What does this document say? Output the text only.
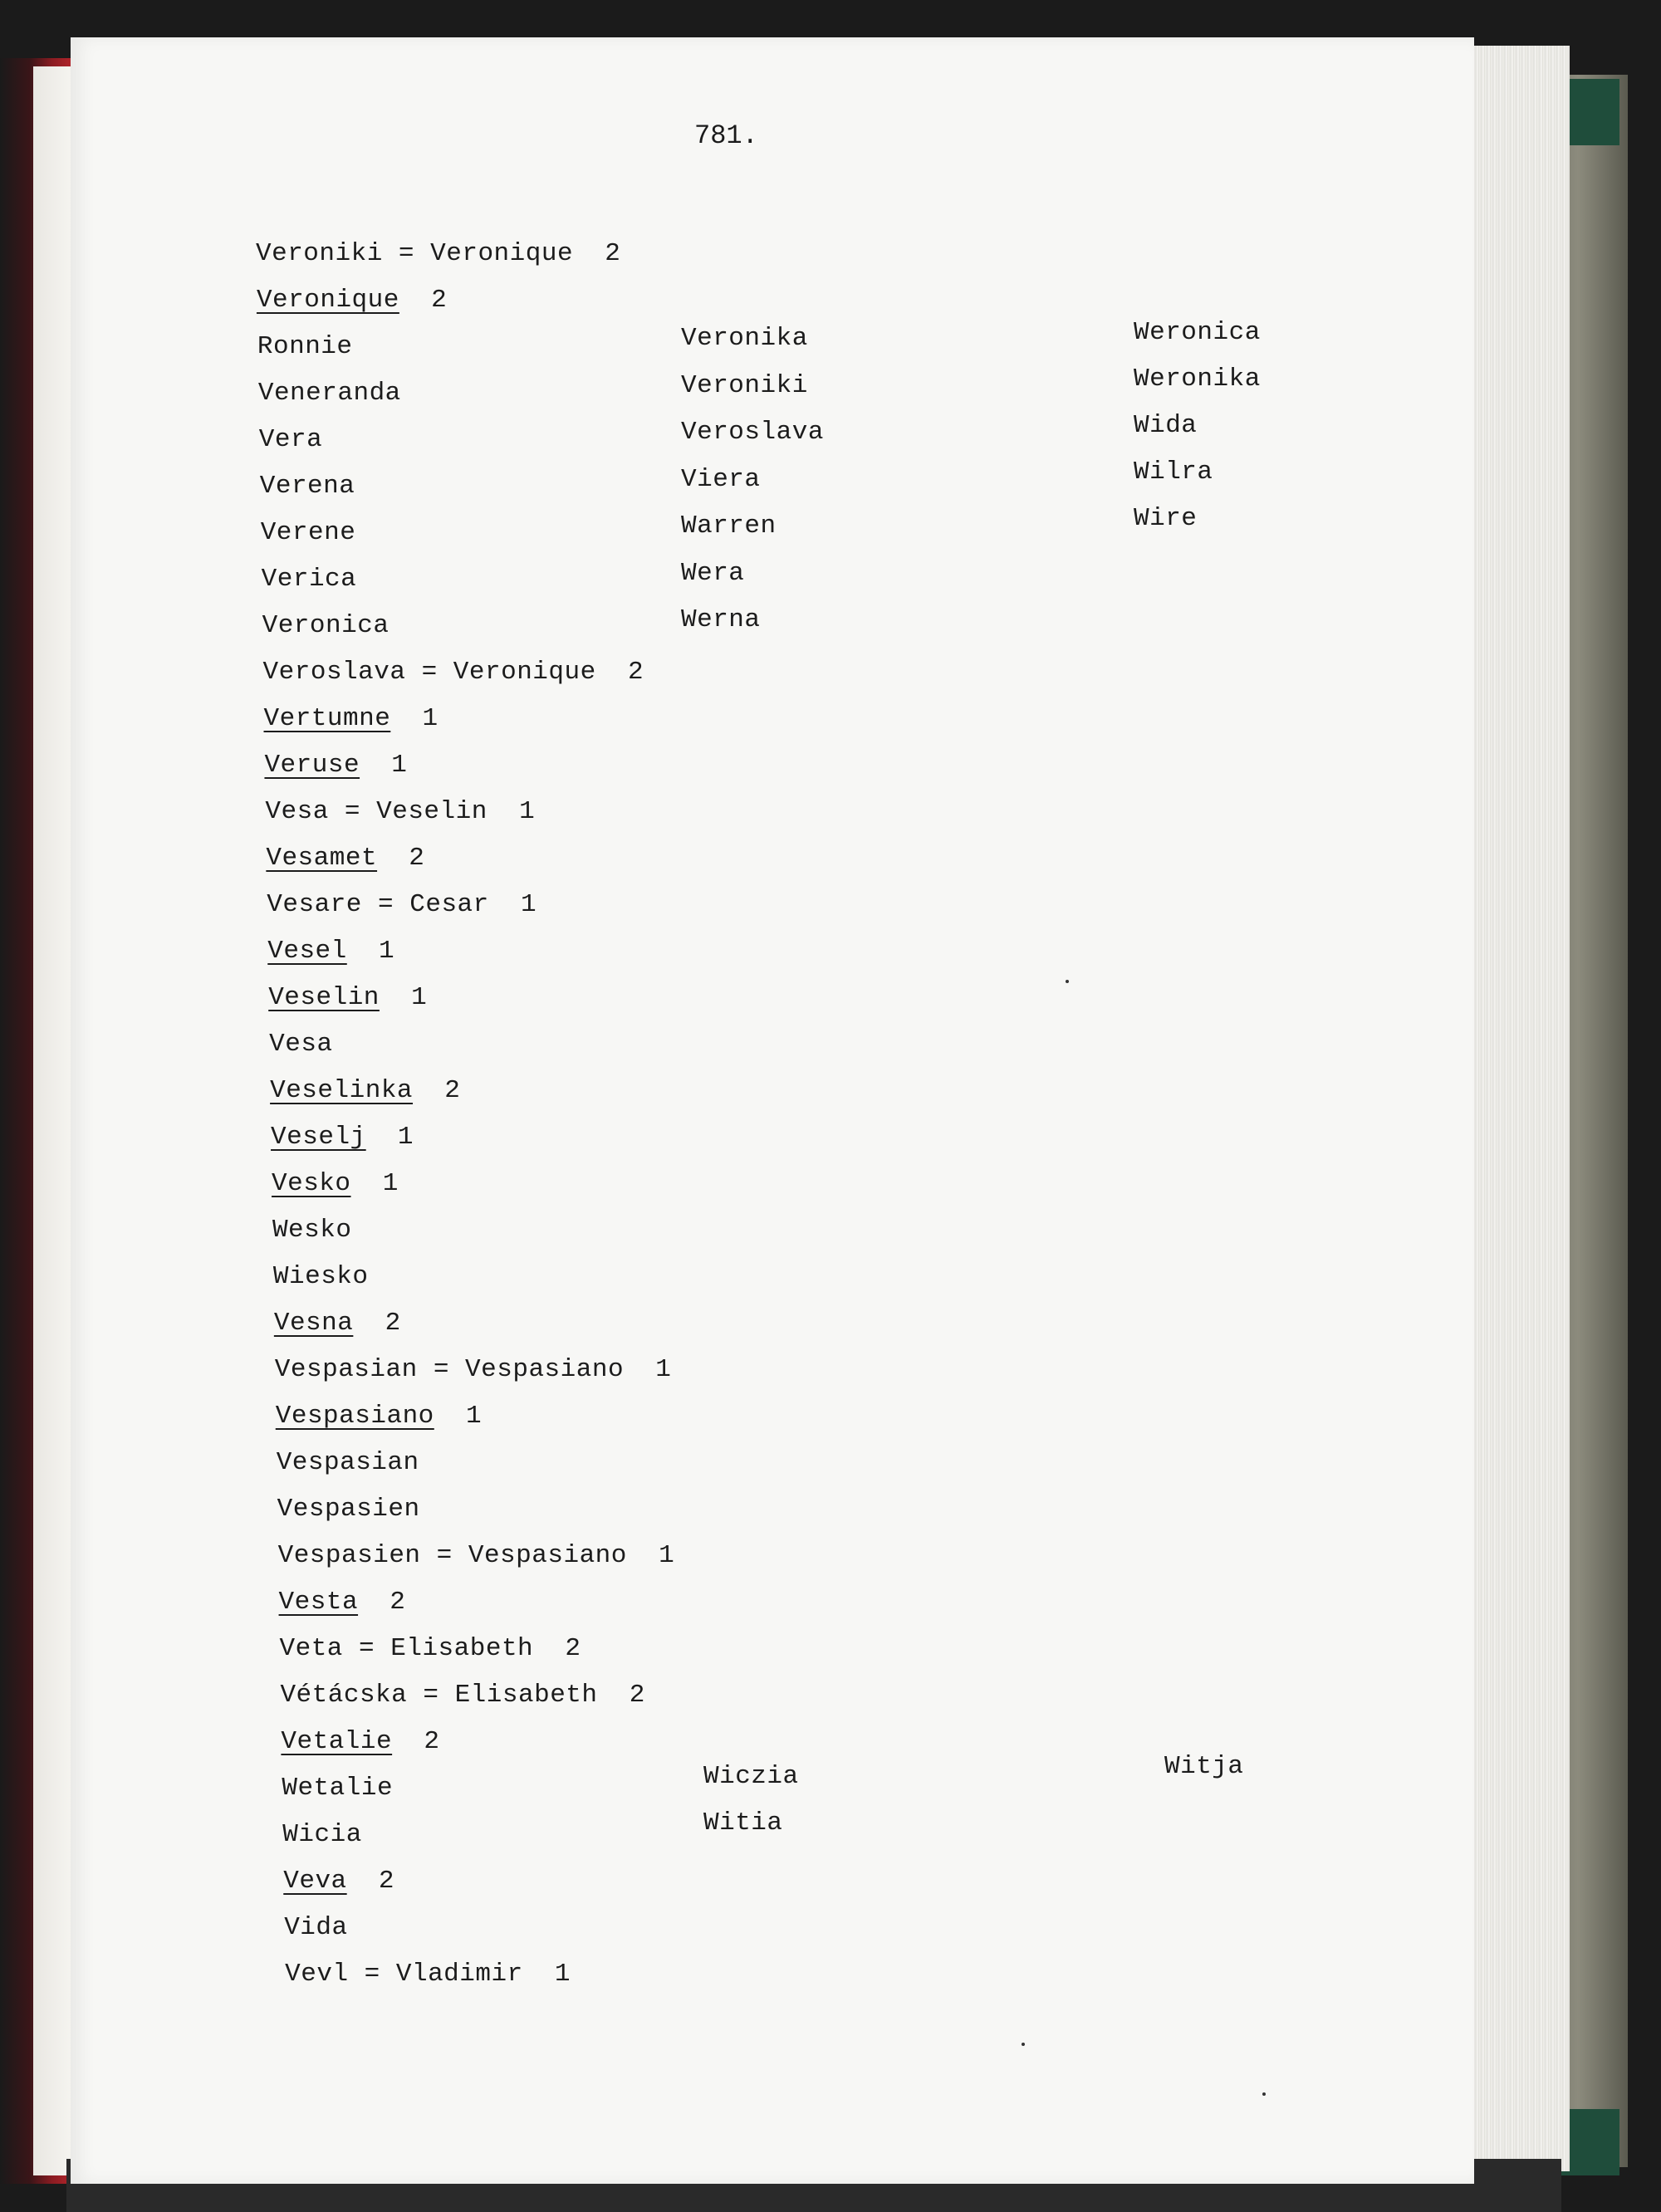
781.
Veroniki = Veronique 2
Veronique 2
Ronnie
Veneranda
Vera
Verena
Verene
Verica
Veronica
Veroslava = Veronique 2
Vertumne 1
Veruse 1
Vesa = Veselin 1
Vesamet 2
Vesare = Cesar 1
Vesel 1
Veselin 1
Vesa
Veselinka 2
Veselj 1
Vesko 1
Wesko
Wiesko
Vesna 2
Vespasian = Vespasiano 1
Vespasiano 1
Vespasian
Vespasien
Vespasien = Vespasiano 1
Vesta 2
Veta = Elisabeth 2
Vétácska = Elisabeth 2
Vetalie 2
Wetalie
Wicia
Veva 2
Vida
Vevl = Vladimir 1
Veronika
Veroniki
Veroslava
Viera
Warren
Wera
Werna
Weronica
Weronika
Wida
Wilra
Wire
Wiczia
Witia
Witja
